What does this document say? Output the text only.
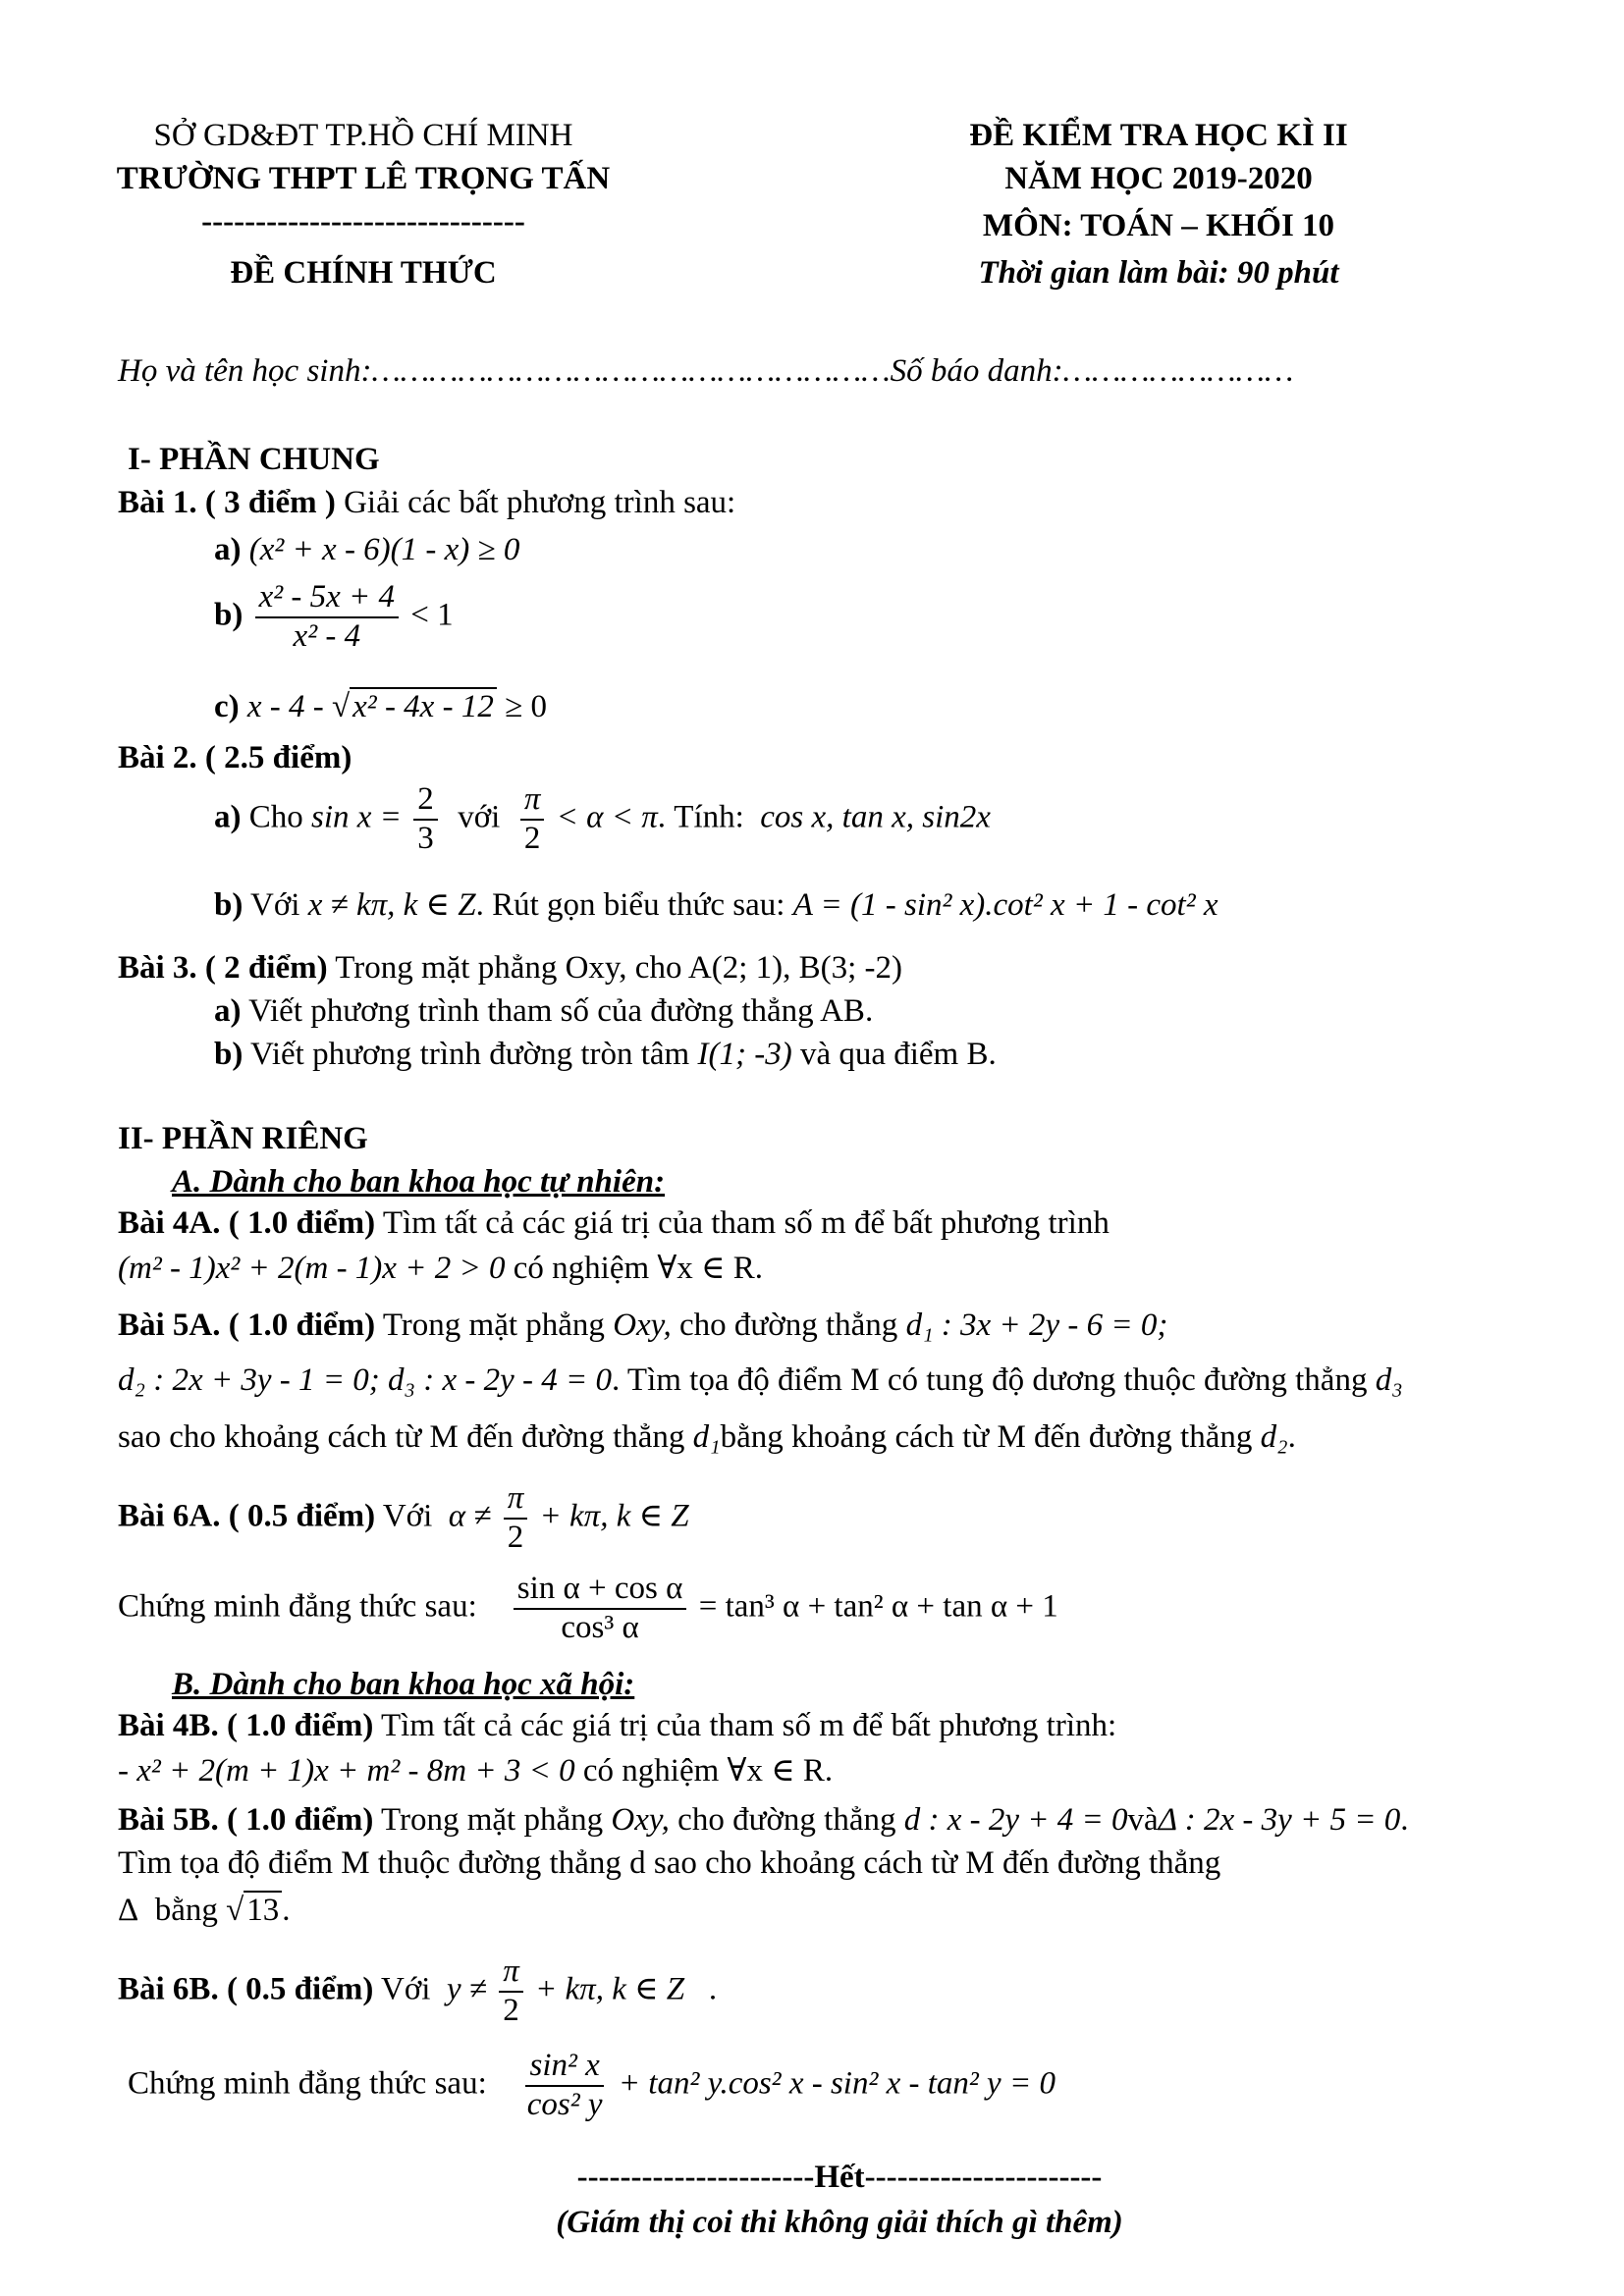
SỞ GD&ĐT TP.HỒ CHÍ MINH
TRƯỜNG THPT LÊ TRỌNG TẤN
------------------------------
ĐỀ CHÍNH THỨC
ĐỀ KIỂM TRA HỌC KÌ II
NĂM HỌC 2019-2020
MÔN: TOÁN – KHỐI 10
Thời gian làm bài: 90 phút
Họ và tên học sinh:………………………………………………Số báo danh:……………………
I- PHẦN CHUNG
Bài 1. ( 3 điểm ) Giải các bất phương trình sau:
a) (x² + x - 6)(1 - x) ≥ 0
$b) \frac{\text{x² - 5x + 4}}{\text{x² - 4}} < 1$
c) x - 4 - √x² - 4x - 12 ≥ 0
Bài 2. ( 2.5 điểm)
a) Cho $\sin x = \frac{2}{3}$ với $\frac{\pi}{2} < \alpha < \pi$. Tính: cos x, tan x, sin2x
b) Với x ≠ kπ, k ∈ Z. Rút gọn biểu thức sau: A = (1 - sin² x).cot² x + 1 - cot² x
Bài 3. ( 2 điểm) Trong mặt phẳng Oxy, cho A(2; 1), B(3; -2)
a) Viết phương trình tham số của đường thẳng AB.
b) Viết phương trình đường tròn tâm I(1; -3) và qua điểm B.
II- PHẦN RIÊNG
A. Dành cho ban khoa học tự nhiên:
Bài 4A. ( 1.0 điểm) Tìm tất cả các giá trị của tham số m để bất phương trình
(m² - 1)x² + 2(m - 1)x + 2 > 0 có nghiệm ∀x ∈ R.
Bài 5A. ( 1.0 điểm) Trong mặt phẳng Oxy, cho đường thẳng d₁ : 3x + 2y - 6 = 0;
d₂ : 2x + 3y - 1 = 0; d₃ : x - 2y - 4 = 0. Tìm tọa độ điểm M có tung độ dương thuộc đường thẳng d₃
sao cho khoảng cách từ M đến đường thẳng d₁bằng khoảng cách từ M đến đường thẳng d₂.
Bài 6A. ( 0.5 điểm) Với $\alpha \ne \frac{\pi}{2} + k\pi$, k ∈ Z
Chứng minh đẳng thức sau: $\frac{\text{sin α + cos α}}{\text{cos³ α}} = \tan^3$ α + tan² α + tan α + 1
B. Dành cho ban khoa học xã hội:
Bài 4B. ( 1.0 điểm) Tìm tất cả các giá trị của tham số m để bất phương trình:
- x² + 2(m + 1)x + m² - 8m + 3 < 0 có nghiệm ∀x ∈ R.
Bài 5B. ( 1.0 điểm) Trong mặt phẳng Oxy, cho đường thẳng d : x - 2y + 4 = 0vàΔ : 2x - 3y + 5 = 0.
Tìm tọa độ điểm M thuộc đường thẳng d sao cho khoảng cách từ M đến đường thẳng
Δ bằng √13.
Bài 6B. ( 0.5 điểm) Với $y \ne \frac{\pi}{2} + k\pi$, k ∈ Z .
Chứng minh đẳng thức sau: $\frac{\text{sin² x}}{\text{cos² y}} + \tan^2$ y.cos² x - sin² x - tan² y = 0
----------------------Hết----------------------
(Giám thị coi thi không giải thích gì thêm)
